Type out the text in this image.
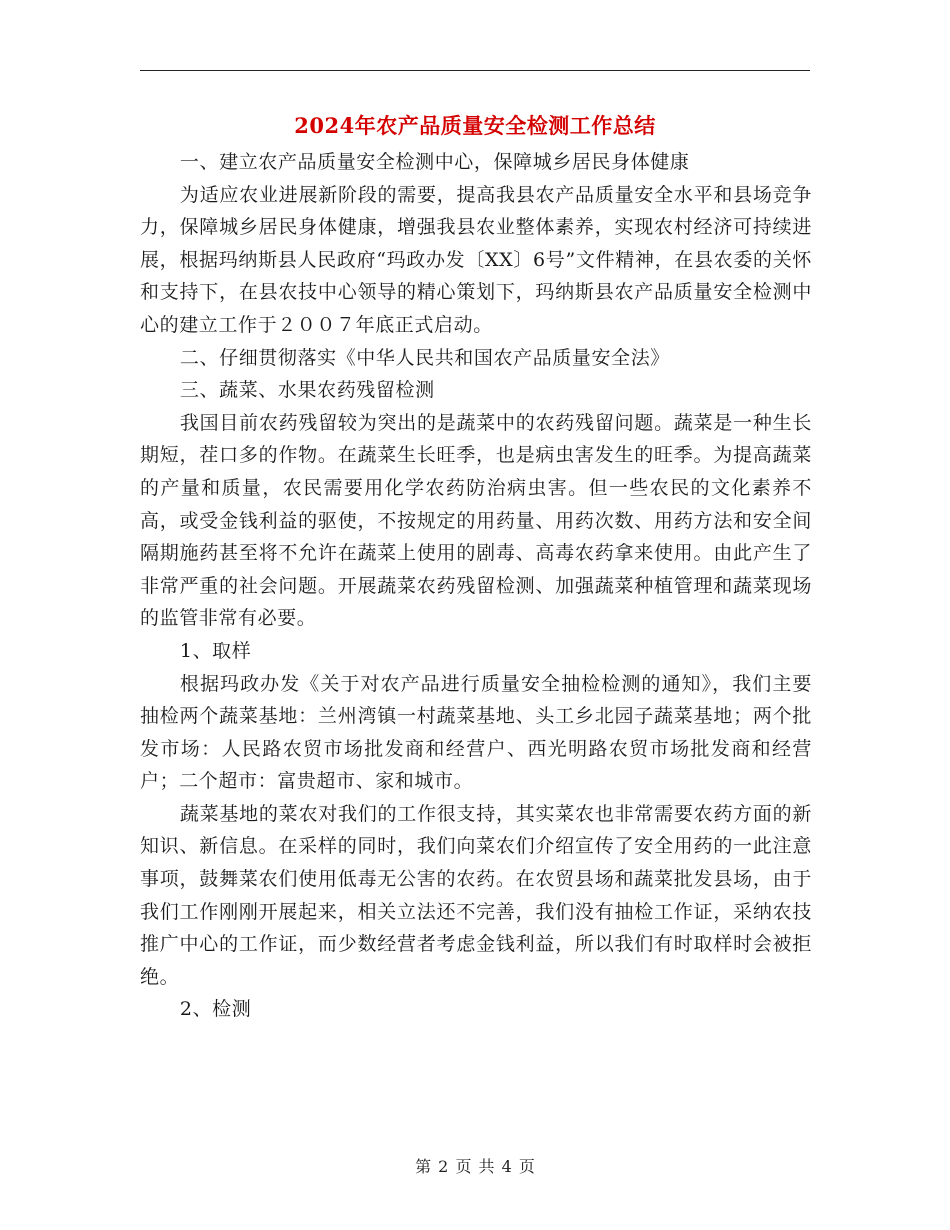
2024年农产品质量安全检测工作总结

一、建立农产品质量安全检测中心，保障城乡居民身体健康

为适应农业进展新阶段的需要，提高我县农产品质量安全水平和县场竞争力，保障城乡居民身体健康，增强我县农业整体素养，实现农村经济可持续进展，根据玛纳斯县人民政府“玛政办发〔XX〕6号”文件精神，在县农委的关怀和支持下，在县农技中心领导的精心策划下，玛纳斯县农产品质量安全检测中心的建立工作于２００７年底正式启动。

二、仔细贯彻落实《中华人民共和国农产品质量安全法》

三、蔬菜、水果农药残留检测

我国目前农药残留较为突出的是蔬菜中的农药残留问题。蔬菜是一种生长期短，茬口多的作物。在蔬菜生长旺季，也是病虫害发生的旺季。为提高蔬菜的产量和质量，农民需要用化学农药防治病虫害。但一些农民的文化素养不高，或受金钱利益的驱使，不按规定的用药量、用药次数、用药方法和安全间隔期施药甚至将不允许在蔬菜上使用的剧毒、高毒农药拿来使用。由此产生了非常严重的社会问题。开展蔬菜农药残留检测、加强蔬菜种植管理和蔬菜现场的监管非常有必要。

1、取样

根据玛政办发《关于对农产品进行质量安全抽检检测的通知》，我们主要抽检两个蔬菜基地：兰州湾镇一村蔬菜基地、头工乡北园子蔬菜基地；两个批发市场：人民路农贸市场批发商和经营户、西光明路农贸市场批发商和经营户；二个超市：富贵超市、家和城市。

蔬菜基地的菜农对我们的工作很支持，其实菜农也非常需要农药方面的新知识、新信息。在采样的同时，我们向菜农们介绍宣传了安全用药的一此注意事项，鼓舞菜农们使用低毒无公害的农药。在农贸县场和蔬菜批发县场，由于我们工作刚刚开展起来，相关立法还不完善，我们没有抽检工作证，采纳农技推广中心的工作证，而少数经营者考虑金钱利益，所以我们有时取样时会被拒绝。

2、检测

第 2 页 共 4 页
